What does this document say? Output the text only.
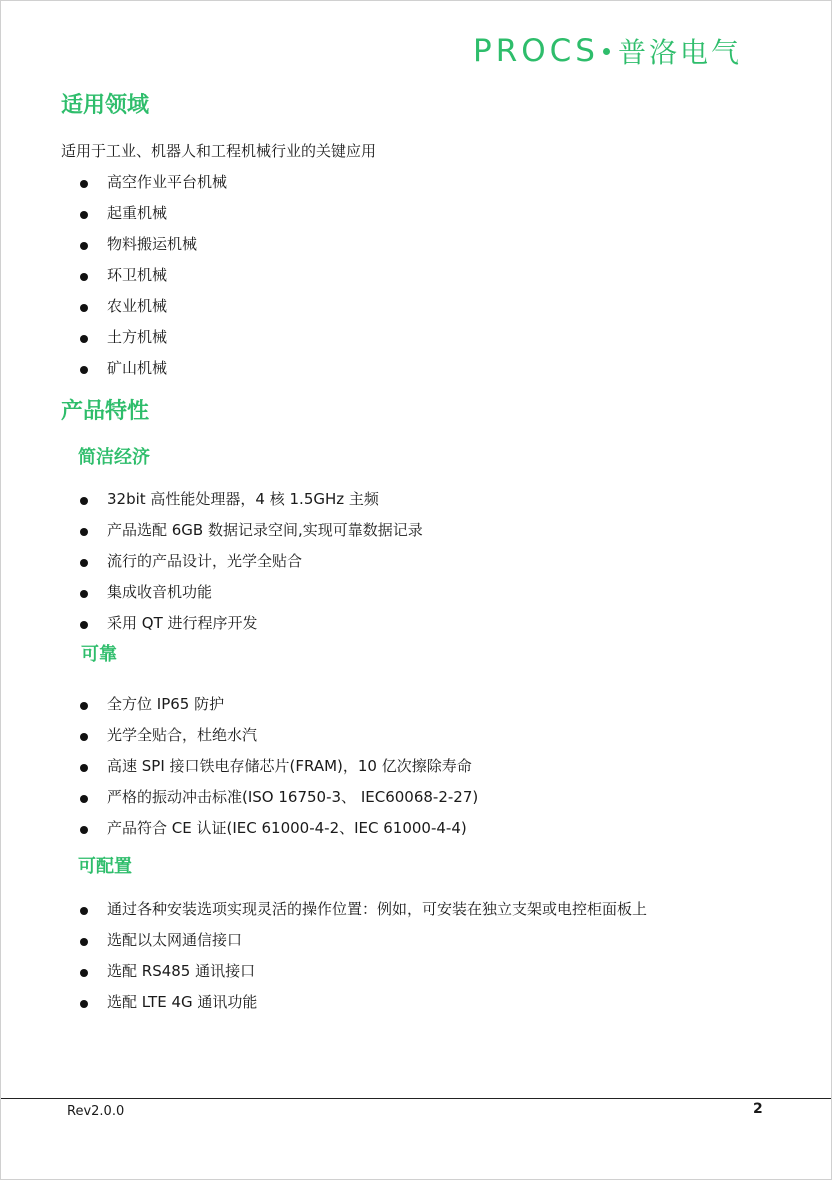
PROCS 普洛电气
适用领域

适用于工业、机器人和工程机械行业的关键应用

高空作业平台机械
起重机械
物料搬运机械
环卫机械
农业机械
土方机械
矿山机械
产品特性
简洁经济
32bit 高性能处理器，4 核 1.5GHz 主频
产品选配 6GB 数据记录空间,实现可靠数据记录
流行的产品设计，光学全贴合
集成收音机功能
采用 QT 进行程序开发
可靠
全方位 IP65 防护
光学全贴合，杜绝水汽
高速 SPI 接口铁电存储芯片(FRAM)，10 亿次擦除寿命
严格的振动冲击标准(ISO 16750-3、 IEC60068-2-27)
产品符合 CE 认证(IEC 61000-4-2、IEC 61000-4-4)
可配置
通过各种安装选项实现灵活的操作位置：例如，可安装在独立支架或电控柜面板上
选配以太网通信接口
选配 RS485 通讯接口
选配 LTE 4G 通讯功能

Rev2.0.0	2
